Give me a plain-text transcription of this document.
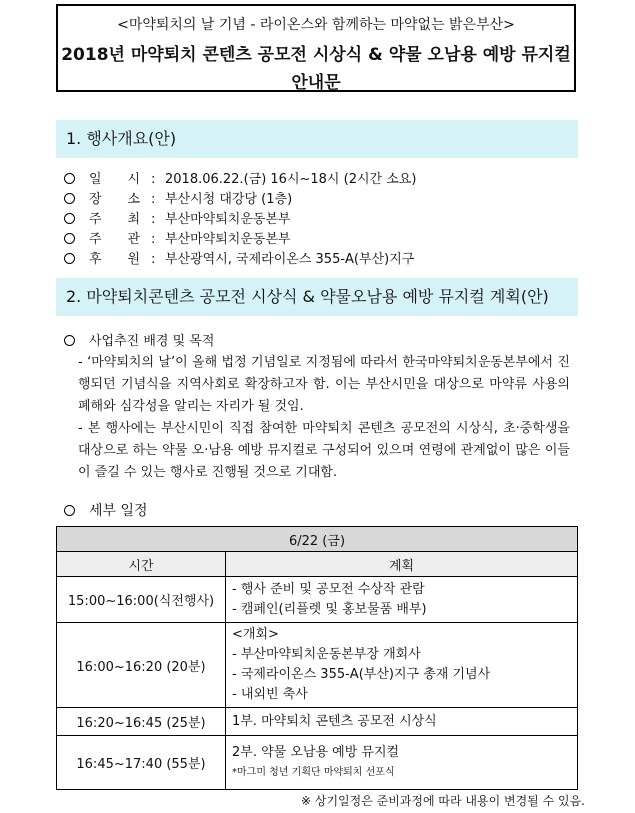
<마약퇴치의 날 기념 - 라이온스와 함께하는 마약없는 밝은부산>
2018년 마약퇴치 콘텐츠 공모전 시상식 & 약물 오남용 예방 뮤지컬
안내문
1. 행사개요(안)
일　　시 : 2018.06.22.(금) 16시~18시 (2시간 소요)
장　　소 : 부산시청 대강당 (1층)
주　　최 : 부산마약퇴치운동본부
주　　관 : 부산마약퇴치운동본부
후　　원 : 부산광역시, 국제라이온스 355-A(부산)지구
2. 마약퇴치콘텐츠 공모전 시상식 & 약물오남용 예방 뮤지컬 계획(안)
사업추진 배경 및 목적

- ‘마약퇴치의 날’이 올해 법정 기념일로 지정됨에 따라서 한국마약퇴치운동본부에서 진행되던 기념식을 지역사회로 확장하고자 함. 이는 부산시민을 대상으로 마약류 사용의 폐해와 심각성을 알리는 자리가 될 것임.

- 본 행사에는 부산시민이 직접 참여한 마약퇴치 콘텐츠 공모전의 시상식, 초·중학생을 대상으로 하는 약물 오·남용 예방 뮤지컬로 구성되어 있으며 연령에 관계없이 많은 이들이 즐길 수 있는 행사로 진행될 것으로 기대함.

세부 일정
6/22 (금)	
시간	계획
15:00~16:00(식전행사)	- 행사 준비 및 공모전 수상작 관람
- 캠페인(리플렛 및 홍보물품 배부)

16:00~16:20 (20분)	<개회>
- 부산마약퇴치운동본부장 개회사
- 국제라이온스 355-A(부산)지구 총재 기념사
- 내외빈 축사

16:20~16:45 (25분)	1부. 마약퇴치 콘텐츠 공모전 시상식

16:45~17:40 (55분)	2부. 약물 오남용 예방 뮤지컬
*마그미 청년 기획단 마약퇴치 선포식
※ 상기일정은 준비과정에 따라 내용이 변경될 수 있음.
